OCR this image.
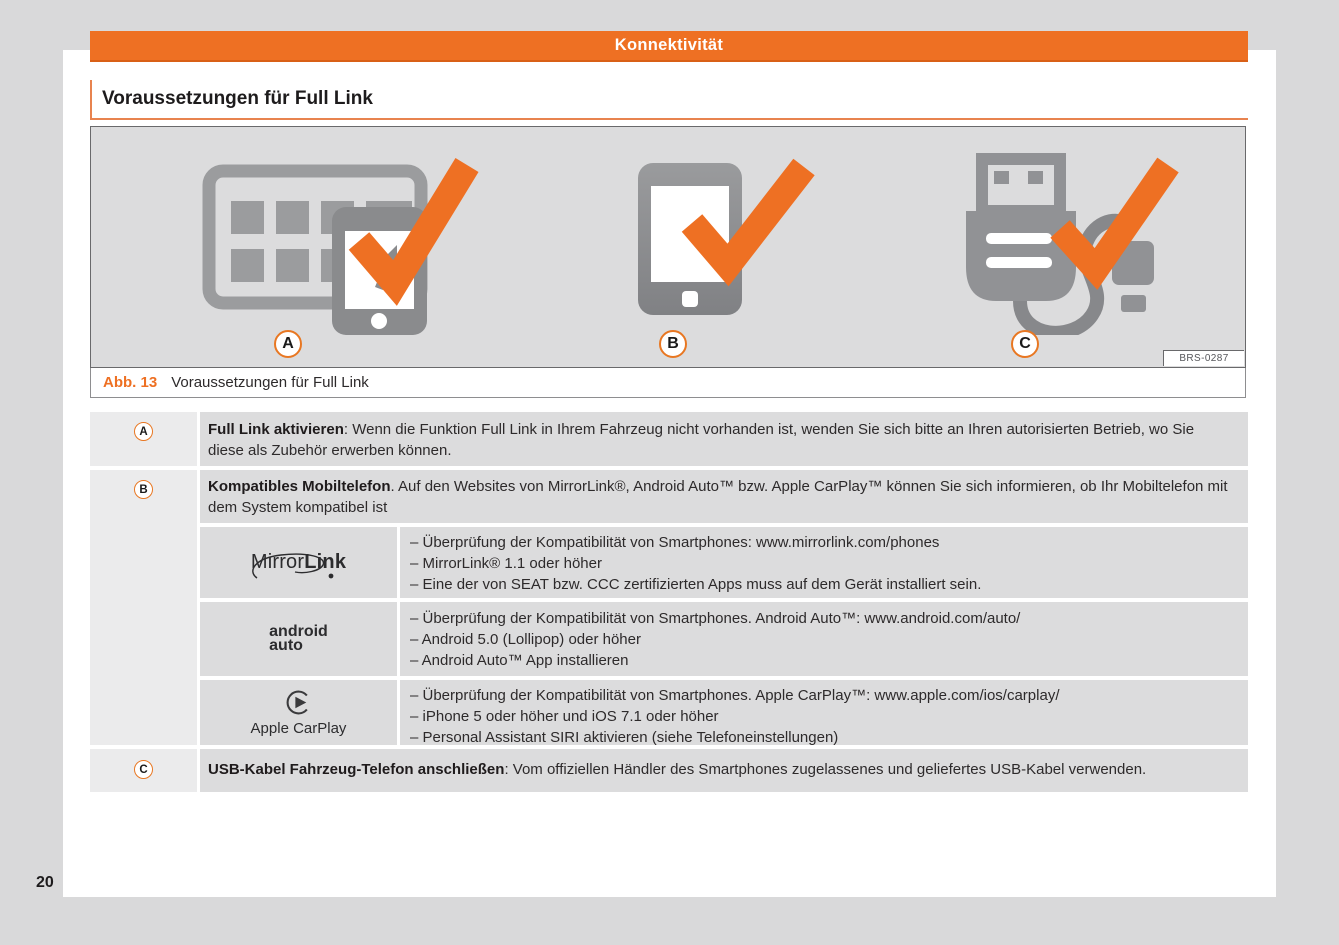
Konnektivität
Voraussetzungen für Full Link
A	B	C
BRS-0287
Abb. 13 Voraussetzungen für Full Link
A	Full Link aktivieren: Wenn die Funktion Full Link in Ihrem Fahrzeug nicht vorhanden ist, wenden Sie sich bitte an Ihren autorisierten Betrieb, wo Sie diese als Zubehör erwerben können.
B	Kompatibles Mobiltelefon. Auf den Websites von MirrorLink®, Android Auto™ bzw. Apple CarPlay™ können Sie sich informieren, ob Ihr Mobiltelefon mit dem System kompatibel ist
MirrorLink
– Überprüfung der Kompatibilität von Smartphones: www.mirrorlink.com/phones
– MirrorLink® 1.1 oder höher
– Eine der von SEAT bzw. CCC zertifizierten Apps muss auf dem Gerät installiert sein.
android
auto
– Überprüfung der Kompatibilität von Smartphones. Android Auto™: www.android.com/auto/
– Android 5.0 (Lollipop) oder höher
– Android Auto™ App installieren
Apple CarPlay
– Überprüfung der Kompatibilität von Smartphones. Apple CarPlay™: www.apple.com/ios/carplay/
– iPhone 5 oder höher und iOS 7.1 oder höher
– Personal Assistant SIRI aktivieren (siehe Telefoneinstellungen)
C	USB-Kabel Fahrzeug-Telefon anschließen: Vom offiziellen Händler des Smartphones zugelassenes und geliefertes USB-Kabel verwenden.
20
